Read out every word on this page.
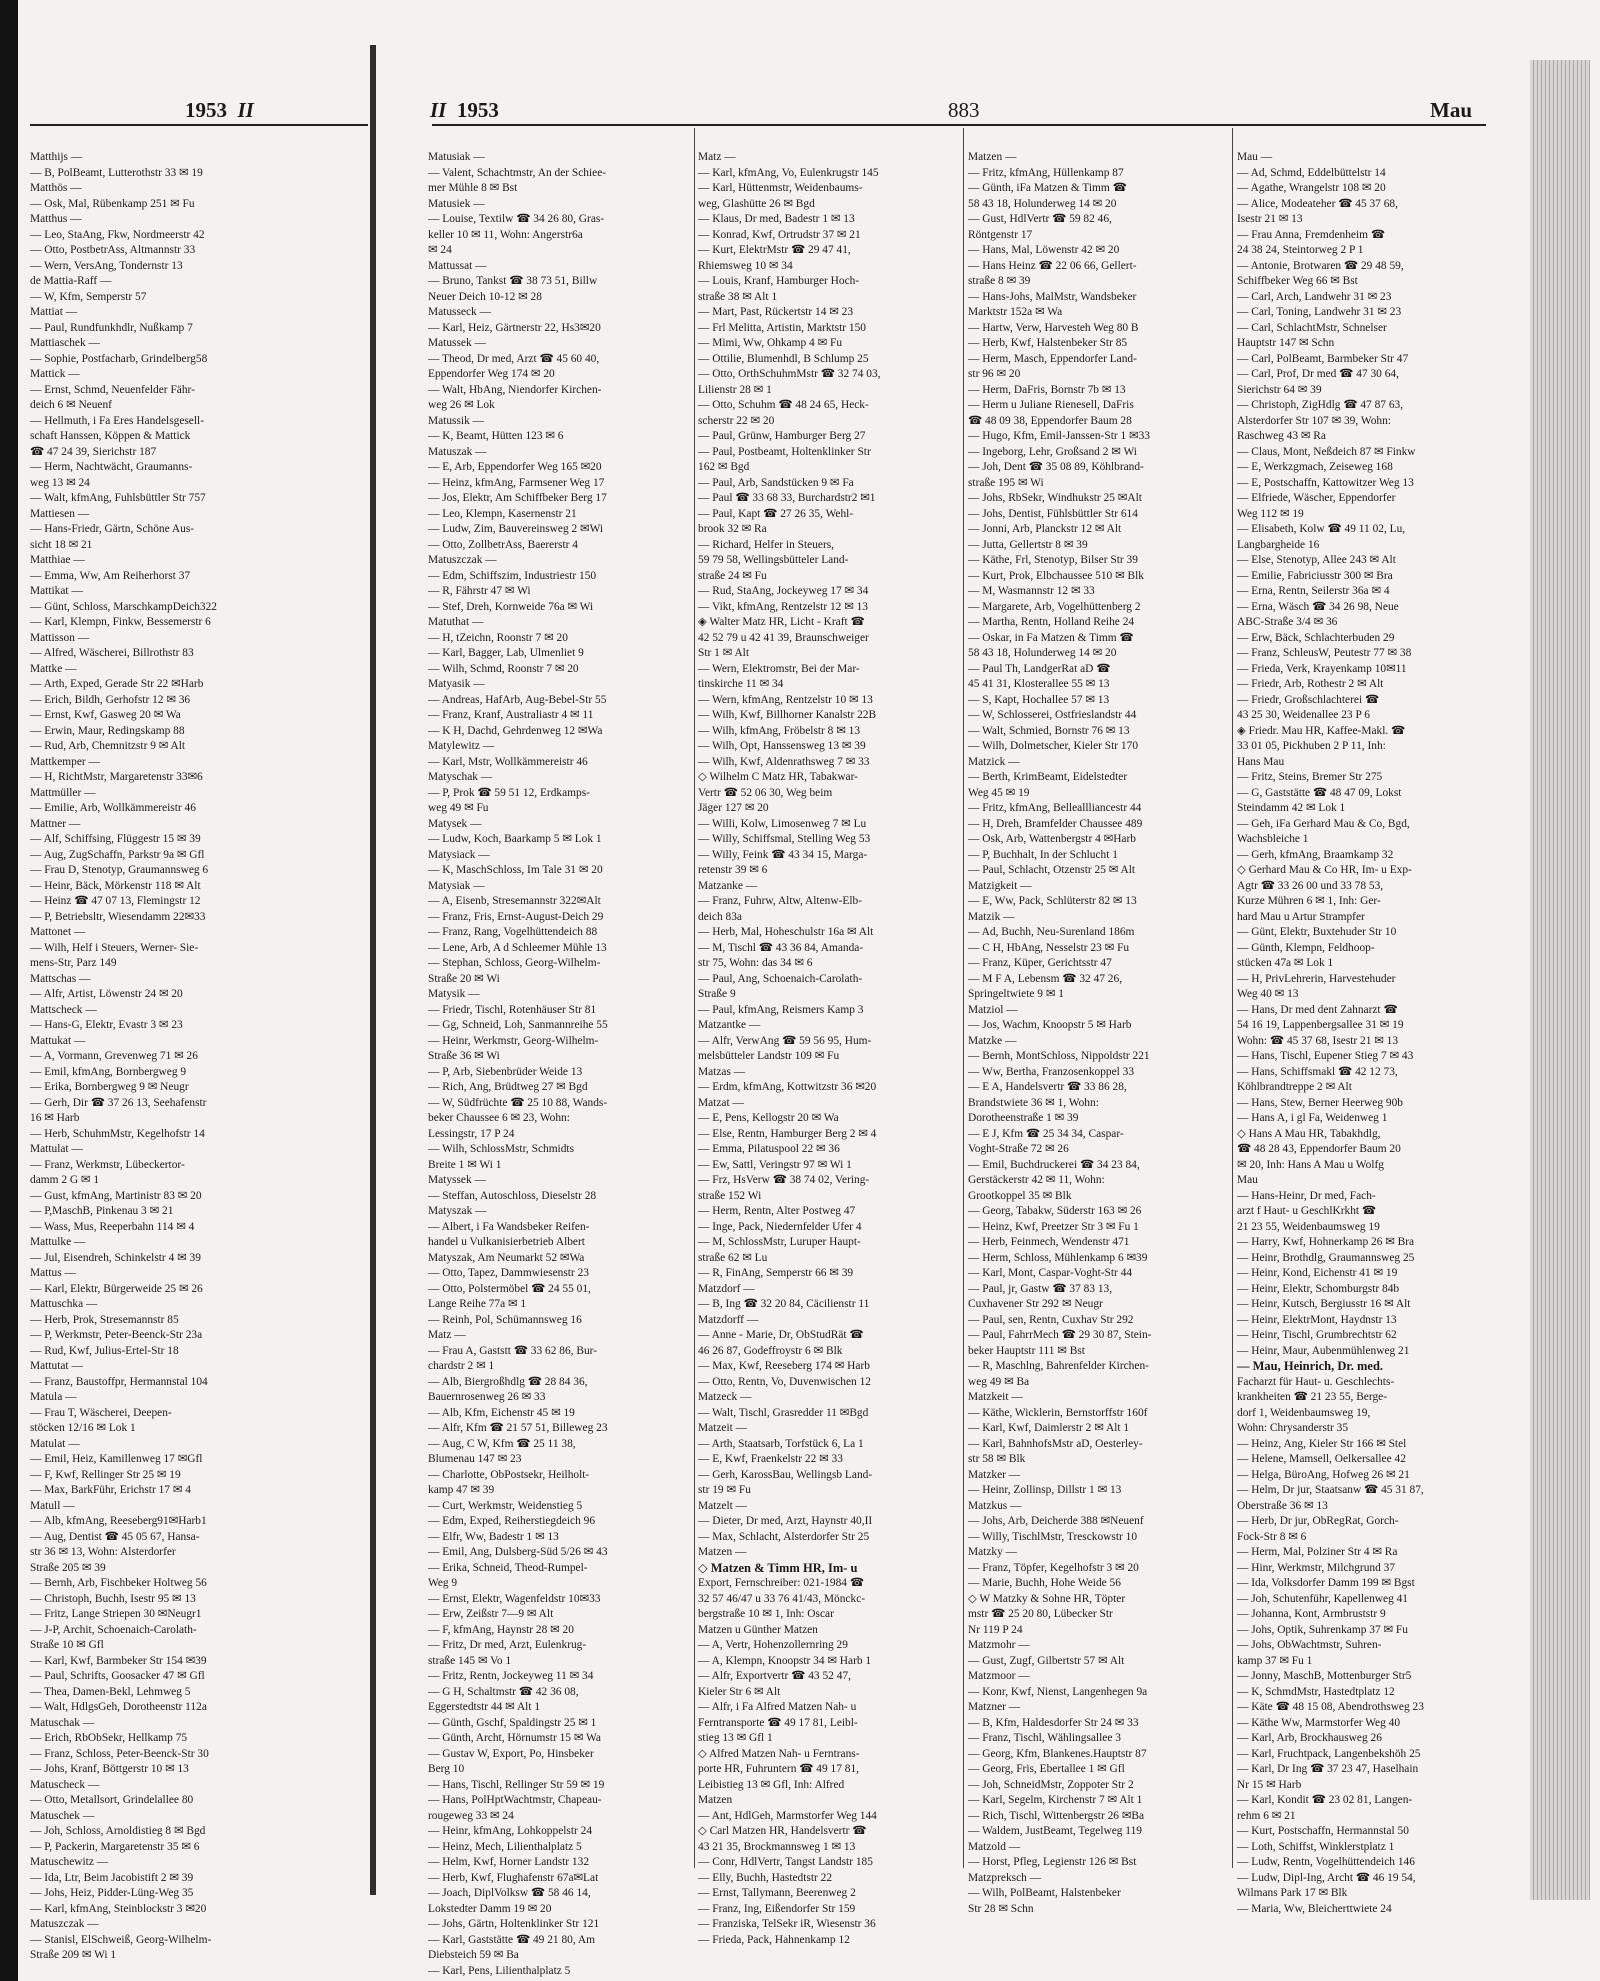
1953 II	II 1953	883	Mau
Matthijs —
— B, PolBeamt, Lutterothstr 33 ✉ 19
Matthös —
— Osk, Mal, Rübenkamp 251 ✉ Fu
Matthus —
— Leo, StaAng, Fkw, Nordmeerstr 42
— Otto, PostbetrAss, Altmannstr 33
— Wern, VersAng, Tondernstr 13
de Mattia-Raff —
— W, Kfm, Semperstr 57
Mattiat —
— Paul, Rundfunkhdlr, Nußkamp 7
Mattiaschek —
— Sophie, Postfacharb, Grindelberg58
Mattick —
— Ernst, Schmd, Neuenfelder Fähr-
deich 6 ✉ Neuenf
— Hellmuth, i Fa Eres Handelsgesell-
schaft Hanssen, Köppen & Mattick
☎ 47 24 39, Sierichstr 187
— Herm, Nachtwächt, Graumanns-
weg 13 ✉ 24
— Walt, kfmAng, Fuhlsbüttler Str 757
Mattiesen —
— Hans-Friedr, Gärtn, Schöne Aus-
sicht 18 ✉ 21
Matthiae —
— Emma, Ww, Am Reiherhorst 37
Mattikat —
— Günt, Schloss, MarschkampDeich322
— Karl, Klempn, Finkw, Bessemerstr 6
Mattisson —
— Alfred, Wäscherei, Billrothstr 83
Mattke —
— Arth, Exped, Gerade Str 22 ✉Harb
— Erich, Bildh, Gerhofstr 12 ✉ 36
— Ernst, Kwf, Gasweg 20 ✉ Wa
— Erwin, Maur, Redingskamp 88
— Rud, Arb, Chemnitzstr 9 ✉ Alt
Mattkemper —
— H, RichtMstr, Margaretenstr 33✉6
Mattmüller —
— Emilie, Arb, Wollkämmereistr 46
Mattner —
— Alf, Schiffsing, Flüggestr 15 ✉ 39
— Aug, ZugSchaffn, Parkstr 9a ✉ Gfl
— Frau D, Stenotyp, Graumannsweg 6
— Heinr, Bäck, Mörkenstr 118 ✉ Alt
— Heinz ☎ 47 07 13, Flemingstr 12
— P, Betriebsltr, Wiesendamm 22✉33
Mattonet —
— Wilh, Helf i Steuers, Werner- Sie-
mens-Str, Parz 149
Mattschas —
— Alfr, Artist, Löwenstr 24 ✉ 20
Mattscheck —
— Hans-G, Elektr, Evastr 3 ✉ 23
Mattukat —
— A, Vormann, Grevenweg 71 ✉ 26
— Emil, kfmAng, Bornbergweg 9
— Erika, Bornbergweg 9 ✉ Neugr
— Gerh, Dir ☎ 37 26 13, Seehafenstr
16 ✉ Harb
— Herb, SchuhmMstr, Kegelhofstr 14
Mattulat —
— Franz, Werkmstr, Lübeckertor-
damm 2 G ✉ 1
— Gust, kfmAng, Martinistr 83 ✉ 20
— P,MaschB, Pinkenau 3 ✉ 21
— Wass, Mus, Reeperbahn 114 ✉ 4
Mattulke —
— Jul, Eisendreh, Schinkelstr 4 ✉ 39
Mattus —
— Karl, Elektr, Bürgerweide 25 ✉ 26
Mattuschka —
— Herb, Prok, Stresemannstr 85
— P, Werkmstr, Peter-Beenck-Str 23a
— Rud, Kwf, Julius-Ertel-Str 18
Mattutat —
— Franz, Baustoffpr, Hermannstal 104
Matula —
— Frau T, Wäscherei, Deepen-
stöcken 12/16 ✉ Lok 1
Matulat —
— Emil, Heiz, Kamillenweg 17 ✉Gfl
— F, Kwf, Rellinger Str 25 ✉ 19
— Max, BarkFühr, Erichstr 17 ✉ 4
Matull —
— Alb, kfmAng, Reeseberg91✉Harb1
— Aug, Dentist ☎ 45 05 67, Hansa-
str 36 ✉ 13, Wohn: Alsterdorfer
Straße 205 ✉ 39
— Bernh, Arb, Fischbeker Holtweg 56
— Christoph, Buchh, Isestr 95 ✉ 13
— Fritz, Lange Striepen 30 ✉Neugr1
— J-P, Archit, Schoenaich-Carolath-
Straße 10 ✉ Gfl
— Karl, Kwf, Barmbeker Str 154 ✉39
— Paul, Schrifts, Goosacker 47 ✉ Gfl
— Thea, Damen-Bekl, Lehmweg 5
— Walt, HdlgsGeh, Dorotheenstr 112a
Matuschak —
— Erich, RbObSekr, Hellkamp 75
— Franz, Schloss, Peter-Beenck-Str 30
— Johs, Kranf, Böttgerstr 10 ✉ 13
Matuscheck —
— Otto, Metallsort, Grindelallee 80
Matuschek —
— Joh, Schloss, Arnoldistieg 8 ✉ Bgd
— P, Packerin, Margaretenstr 35 ✉ 6
Matuschewitz —
— Ida, Ltr, Beim Jacobistift 2 ✉ 39
— Johs, Heiz, Pidder-Lüng-Weg 35
— Karl, kfmAng, Steinblockstr 3 ✉20
Matuszczak —
— Stanisl, ElSchweiß, Georg-Wilhelm-
Straße 209 ✉ Wi 1
Matusiak —
— Valent, Schachtmstr, An der Schiee-
mer Mühle 8 ✉ Bst
Matusiek —
— Louise, Textilw ☎ 34 26 80, Gras-
keller 10 ✉ 11, Wohn: Angerstr6a
✉ 24
Mattussat —
— Bruno, Tankst ☎ 38 73 51, Billw
Neuer Deich 10-12 ✉ 28
Matusseck —
— Karl, Heiz, Gärtnerstr 22, Hs3✉20
Matussek —
— Theod, Dr med, Arzt ☎ 45 60 40,
Eppendorfer Weg 174 ✉ 20
— Walt, HbAng, Niendorfer Kirchen-
weg 26 ✉ Lok
Matussik —
— K, Beamt, Hütten 123 ✉ 6
Matuszak —
— E, Arb, Eppendorfer Weg 165 ✉20
— Heinz, kfmAng, Farmsener Weg 17
— Jos, Elektr, Am Schiffbeker Berg 17
— Leo, Klempn, Kasernenstr 21
— Ludw, Zim, Bauvereinsweg 2 ✉Wi
— Otto, ZollbetrAss, Baererstr 4
Matuszczak —
— Edm, Schiffszim, Industriestr 150
— R, Fährstr 47 ✉ Wi
— Stef, Dreh, Kornweide 76a ✉ Wi
Matuthat —
— H, tZeichn, Roonstr 7 ✉ 20
— Karl, Bagger, Lab, Ulmenliet 9
— Wilh, Schmd, Roonstr 7 ✉ 20
Matyasik —
— Andreas, HafArb, Aug-Bebel-Str 55
— Franz, Kranf, Australiastr 4 ✉ 11
— K H, Dachd, Gehrdenweg 12 ✉Wa
Matylewitz —
— Karl, Mstr, Wollkämmereistr 46
Matyschak —
— P, Prok ☎ 59 51 12, Erdkamps-
weg 49 ✉ Fu
Matysek —
— Ludw, Koch, Baarkamp 5 ✉ Lok 1
Matysiack —
— K, MaschSchloss, Im Tale 31 ✉ 20
Matysiak —
— A, Eisenb, Stresemannstr 322✉Alt
— Franz, Fris, Ernst-August-Deich 29
— Franz, Rang, Vogelhüttendeich 88
— Lene, Arb, A d Schleemer Mühle 13
— Stephan, Schloss, Georg-Wilhelm-
Straße 20 ✉ Wi
Matysik —
— Friedr, Tischl, Rotenhäuser Str 81
— Gg, Schneid, Loh, Sanmannreihe 55
— Heinr, Werkmstr, Georg-Wilhelm-
Straße 36 ✉ Wi
— P, Arb, Siebenbrüder Weide 13
— Rich, Ang, Brüdtweg 27 ✉ Bgd
— W, Südfrüchte ☎ 25 10 88, Wands-
beker Chaussee 6 ✉ 23, Wohn:
Lessingstr, 17 P 24
— Wilh, SchlossMstr, Schmidts
Breite 1 ✉ Wi 1
Matyssek —
— Steffan, Autoschloss, Dieselstr 28
Matyszak —
— Albert, i Fa Wandsbeker Reifen-
handel u Vulkanisierbetrieb Albert
Matyszak, Am Neumarkt 52 ✉Wa
— Otto, Tapez, Dammwiesenstr 23
— Otto, Polstermöbel ☎ 24 55 01,
Lange Reihe 77a ✉ 1
— Reinh, Pol, Schümannsweg 16
Matz —
— Frau A, Gaststt ☎ 33 62 86, Bur-
chardstr 2 ✉ 1
— Alb, Biergroßhdlg ☎ 28 84 36,
Bauernrosenweg 26 ✉ 33
— Alb, Kfm, Eichenstr 45 ✉ 19
— Alfr, Kfm ☎ 21 57 51, Billeweg 23
— Aug, C W, Kfm ☎ 25 11 38,
Blumenau 147 ✉ 23
— Charlotte, ObPostsekr, Heilholt-
kamp 47 ✉ 39
— Curt, Werkmstr, Weidenstieg 5
— Edm, Exped, Reiherstiegdeich 96
— Elfr, Ww, Badestr 1 ✉ 13
— Emil, Ang, Dulsberg-Süd 5/26 ✉ 43
— Erika, Schneid, Theod-Rumpel-
Weg 9
— Ernst, Elektr, Wagenfeldstr 10✉33
— Erw, Zeißstr 7—9 ✉ Alt
— F, kfmAng, Haynstr 28 ✉ 20
— Fritz, Dr med, Arzt, Eulenkrug-
straße 145 ✉ Vo 1
— Fritz, Rentn, Jockeyweg 11 ✉ 34
— G H, Schaltmstr ☎ 42 36 08,
Eggerstedtstr 44 ✉ Alt 1
— Günth, Gschf, Spaldingstr 25 ✉ 1
— Günth, Archt, Hörnumstr 15 ✉ Wa
— Gustav W, Export, Po, Hinsbeker
Berg 10
— Hans, Tischl, Rellinger Str 59 ✉ 19
— Hans, PolHptWachtmstr, Chapeau-
rougeweg 33 ✉ 24
— Heinr, kfmAng, Lohkoppelstr 24
— Heinz, Mech, Lilienthalplatz 5
— Helm, Kwf, Horner Landstr 132
— Herb, Kwf, Flughafenstr 67a✉Lat
— Joach, DiplVolksw ☎ 58 46 14,
Lokstedter Damm 19 ✉ 20
— Johs, Gärtn, Holtenklinker Str 121
— Karl, Gaststätte ☎ 49 21 80, Am
Diebsteich 59 ✉ Ba
— Karl, Pens, Lilienthalplatz 5
Matz —
— Karl, kfmAng, Vo, Eulenkrugstr 145
— Karl, Hüttenmstr, Weidenbaums-
weg, Glashütte 26 ✉ Bgd
— Klaus, Dr med, Badestr 1 ✉ 13
— Konrad, Kwf, Ortrudstr 37 ✉ 21
— Kurt, ElektrMstr ☎ 29 47 41,
Rhiemsweg 10 ✉ 34
— Louis, Kranf, Hamburger Hoch-
straße 38 ✉ Alt 1
— Mart, Past, Rückertstr 14 ✉ 23
— Frl Melitta, Artistin, Marktstr 150
— Mimi, Ww, Ohkamp 4 ✉ Fu
— Ottilie, Blumenhdl, B Schlump 25
— Otto, OrthSchuhmMstr ☎ 32 74 03,
Lilienstr 28 ✉ 1
— Otto, Schuhm ☎ 48 24 65, Heck-
scherstr 22 ✉ 20
— Paul, Grünw, Hamburger Berg 27
— Paul, Postbeamt, Holtenklinker Str
162 ✉ Bgd
— Paul, Arb, Sandstücken 9 ✉ Fa
— Paul ☎ 33 68 33, Burchardstr2 ✉1
— Paul, Kapt ☎ 27 26 35, Wehl-
brook 32 ✉ Ra
— Richard, Helfer in Steuers,
59 79 58, Wellingsbütteler Land-
straße 24 ✉ Fu
— Rud, StaAng, Jockeyweg 17 ✉ 34
— Vikt, kfmAng, Rentzelstr 12 ✉ 13
◈ Walter Matz HR, Licht - Kraft ☎
42 52 79 u 42 41 39, Braunschweiger
Str 1 ✉ Alt
— Wern, Elektromstr, Bei der Mar-
tinskirche 11 ✉ 34
— Wern, kfmAng, Rentzelstr 10 ✉ 13
— Wilh, Kwf, Billhorner Kanalstr 22B
— Wilh, kfmAng, Fröbelstr 8 ✉ 13
— Wilh, Opt, Hanssensweg 13 ✉ 39
— Wilh, Kwf, Aldenrathsweg 7 ✉ 33
◇ Wilhelm C Matz HR, Tabakwar-
Vertr ☎ 52 06 30, Weg beim
Jäger 127 ✉ 20
— Willi, Kolw, Limosenweg 7 ✉ Lu
— Willy, Schiffsmal, Stelling Weg 53
— Willy, Feink ☎ 43 34 15, Marga-
retenstr 39 ✉ 6
Matzanke —
— Franz, Fuhrw, Altw, Altenw-Elb-
deich 83a
— Herb, Mal, Hoheschulstr 16a ✉ Alt
— M, Tischl ☎ 43 36 84, Amanda-
str 75, Wohn: das 34 ✉ 6
— Paul, Ang, Schoenaich-Carolath-
Straße 9
— Paul, kfmAng, Reismers Kamp 3
Matzantke —
— Alfr, VerwAng ☎ 59 56 95, Hum-
melsbütteler Landstr 109 ✉ Fu
Matzas —
— Erdm, kfmAng, Kottwitzstr 36 ✉20
Matzat —
— E, Pens, Kellogstr 20 ✉ Wa
— Else, Rentn, Hamburger Berg 2 ✉ 4
— Emma, Pilatuspool 22 ✉ 36
— Ew, Sattl, Veringstr 97 ✉ Wi 1
— Frz, HsVerw ☎ 38 74 02, Vering-
straße 152 Wi
— Herm, Rentn, Alter Postweg 47
— Inge, Pack, Niedernfelder Ufer 4
— M, SchlossMstr, Luruper Haupt-
straße 62 ✉ Lu
— R, FinAng, Semperstr 66 ✉ 39
Matzdorf —
— B, Ing ☎ 32 20 84, Cäcilienstr 11
Matzdorff —
— Anne - Marie, Dr, ObStudRät ☎
46 26 87, Godeffroystr 6 ✉ Blk
— Max, Kwf, Reeseberg 174 ✉ Harb
— Otto, Rentn, Vo, Duvenwischen 12
Matzeck —
— Walt, Tischl, Grasredder 11 ✉Bgd
Matzeit —
— Arth, Staatsarb, Torfstück 6, La 1
— E, Kwf, Fraenkelstr 22 ✉ 33
— Gerh, KarossBau, Wellingsb Land-
str 19 ✉ Fu
Matzelt —
— Dieter, Dr med, Arzt, Haynstr 40,II
— Max, Schlacht, Alsterdorfer Str 25
Matzen —
◇ Matzen & Timm HR, Im- u
Export, Fernschreiber: 021-1984 ☎
32 57 46/47 u 33 76 41/43, Mönckc-
bergstraße 10 ✉ 1, Inh: Oscar
Matzen u Günther Matzen
— A, Vertr, Hohenzollernring 29
— A, Klempn, Knoopstr 34 ✉ Harb 1
— Alfr, Exportvertr ☎ 43 52 47,
Kieler Str 6 ✉ Alt
— Alfr, i Fa Alfred Matzen Nah- u
Ferntransporte ☎ 49 17 81, Leibl-
stieg 13 ✉ Gfl 1
◇ Alfred Matzen Nah- u Ferntrans-
porte HR, Fuhruntern ☎ 49 17 81,
Leibistieg 13 ✉ Gfl, Inh: Alfred
Matzen
— Ant, HdlGeh, Marmstorfer Weg 144
◇ Carl Matzen HR, Handelsvertr ☎
43 21 35, Brockmannsweg 1 ✉ 13
— Conr, HdlVertr, Tangst Landstr 185
— Elly, Buchh, Hastedtstr 22
— Ernst, Tallymann, Beerenweg 2
— Franz, Ing, Eißendorfer Str 159
— Franziska, TelSekr iR, Wiesenstr 36
— Frieda, Pack, Hahnenkamp 12
Matzen —
— Fritz, kfmAng, Hüllenkamp 87
— Günth, iFa Matzen & Timm ☎
58 43 18, Holunderweg 14 ✉ 20
— Gust, HdlVertr ☎ 59 82 46,
Röntgenstr 17
— Hans, Mal, Löwenstr 42 ✉ 20
— Hans Heinz ☎ 22 06 66, Gellert-
straße 8 ✉ 39
— Hans-Johs, MalMstr, Wandsbeker
Marktstr 152a ✉ Wa
— Hartw, Verw, Harvesteh Weg 80 B
— Herb, Kwf, Halstenbeker Str 85
— Herm, Masch, Eppendorfer Land-
str 96 ✉ 20
— Herm, DaFris, Bornstr 7b ✉ 13
— Herm u Juliane Rienesell, DaFris
☎ 48 09 38, Eppendorfer Baum 28
— Hugo, Kfm, Emil-Janssen-Str 1 ✉33
— Ingeborg, Lehr, Großsand 2 ✉ Wi
— Joh, Dent ☎ 35 08 89, Köhlbrand-
straße 195 ✉ Wi
— Johs, RbSekr, Windhukstr 25 ✉Alt
— Johs, Dentist, Fühlsbüttler Str 614
— Jonni, Arb, Planckstr 12 ✉ Alt
— Jutta, Gellertstr 8 ✉ 39
— Käthe, Frl, Stenotyp, Bilser Str 39
— Kurt, Prok, Elbchaussee 510 ✉ Blk
— M, Wasmannstr 12 ✉ 33
— Margarete, Arb, Vogelhüttenberg 2
— Martha, Rentn, Holland Reihe 24
— Oskar, in Fa Matzen & Timm ☎
58 43 18, Holunderweg 14 ✉ 20
— Paul Th, LandgerRat aD ☎
45 41 31, Klosterallee 55 ✉ 13
— S, Kapt, Hochallee 57 ✉ 13
— W, Schlosserei, Ostfrieslandstr 44
— Walt, Schmied, Bornstr 76 ✉ 13
— Wilh, Dolmetscher, Kieler Str 170
Matzick —
— Berth, KrimBeamt, Eidelstedter
Weg 45 ✉ 19
— Fritz, kfmAng, Belleallliancestr 44
— H, Dreh, Bramfelder Chaussee 489
— Osk, Arb, Wattenbergstr 4 ✉Harb
— P, Buchhalt, In der Schlucht 1
— Paul, Schlacht, Otzenstr 25 ✉ Alt
Matzigkeit —
— E, Ww, Pack, Schlüterstr 82 ✉ 13
Matzik —
— Ad, Buchh, Neu-Surenland 186m
— C H, HbAng, Nesselstr 23 ✉ Fu
— Franz, Küper, Gerichtsstr 47
— M F A, Lebensm ☎ 32 47 26,
Springeltwiete 9 ✉ 1
Matziol —
— Jos, Wachm, Knoopstr 5 ✉ Harb
Matzke —
— Bernh, MontSchloss, Nippoldstr 221
— Ww, Bertha, Franzosenkoppel 33
— E A, Handelsvertr ☎ 33 86 28,
Brandstwiete 36 ✉ 1, Wohn:
Dorotheenstraße 1 ✉ 39
— E J, Kfm ☎ 25 34 34, Caspar-
Voght-Straße 72 ✉ 26
— Emil, Buchdruckerei ☎ 34 23 84,
Gerstäckerstr 42 ✉ 11, Wohn:
Grootkoppel 35 ✉ Blk
— Georg, Tabakw, Süderstr 163 ✉ 26
— Heinz, Kwf, Preetzer Str 3 ✉ Fu 1
— Herb, Feinmech, Wendenstr 471
— Herm, Schloss, Mühlenkamp 6 ✉39
— Karl, Mont, Caspar-Voght-Str 44
— Paul, jr, Gastw ☎ 37 83 13,
Cuxhavener Str 292 ✉ Neugr
— Paul, sen, Rentn, Cuxhav Str 292
— Paul, FahrrMech ☎ 29 30 87, Stein-
beker Hauptstr 111 ✉ Bst
— R, Maschlng, Bahrenfelder Kirchen-
weg 49 ✉ Ba
Matzkeit —
— Käthe, Wicklerin, Bernstorffstr 160f
— Karl, Kwf, Daimlerstr 2 ✉ Alt 1
— Karl, BahnhofsMstr aD, Oesterley-
str 58 ✉ Blk
Matzker —
— Heinr, Zollinsp, Dillstr 1 ✉ 13
Matzkus —
— Johs, Arb, Deicherde 388 ✉Neuenf
— Willy, TischlMstr, Tresckowstr 10
Matzky —
— Franz, Töpfer, Kegelhofstr 3 ✉ 20
— Marie, Buchh, Hohe Weide 56
◇ W Matzky & Sohne HR, Töpter
mstr ☎ 25 20 80, Lübecker Str
Nr 119 P 24
Matzmohr —
— Gust, Zugf, Gilbertstr 57 ✉ Alt
Matzmoor —
— Konr, Kwf, Nienst, Langenhegen 9a
Matzner —
— B, Kfm, Haldesdorfer Str 24 ✉ 33
— Franz, Tischl, Wählingsallee 3
— Georg, Kfm, Blankenes.Hauptstr 87
— Georg, Fris, Ebertallee 1 ✉ Gfl
— Joh, SchneidMstr, Zoppoter Str 2
— Karl, Segelm, Kirchenstr 7 ✉ Alt 1
— Rich, Tischl, Wittenbergstr 26 ✉Ba
— Waldem, JustBeamt, Tegelweg 119
Matzold —
— Horst, Pfleg, Legienstr 126 ✉ Bst
Matzpreksch —
— Wilh, PolBeamt, Halstenbeker
Str 28 ✉ Schn
Mau —
— Ad, Schmd, Eddelbüttelstr 14
— Agathe, Wrangelstr 108 ✉ 20
— Alice, Modeateher ☎ 45 37 68,
Isestr 21 ✉ 13
— Frau Anna, Fremdenheim ☎
24 38 24, Steintorweg 2 P 1
— Antonie, Brotwaren ☎ 29 48 59,
Schiffbeker Weg 66 ✉ Bst
— Carl, Arch, Landwehr 31 ✉ 23
— Carl, Toning, Landwehr 31 ✉ 23
— Carl, SchlachtMstr, Schnelser
Hauptstr 147 ✉ Schn
— Carl, PolBeamt, Barmbeker Str 47
— Carl, Prof, Dr med ☎ 47 30 64,
Sierichstr 64 ✉ 39
— Christoph, ZigHdlg ☎ 47 87 63,
Alsterdorfer Str 107 ✉ 39, Wohn:
Raschweg 43 ✉ Ra
— Claus, Mont, Neßdeich 87 ✉ Finkw
— E, Werkzgmach, Zeiseweg 168
— E, Postschaffn, Kattowitzer Weg 13
— Elfriede, Wäscher, Eppendorfer
Weg 112 ✉ 19
— Elisabeth, Kolw ☎ 49 11 02, Lu,
Langbargheide 16
— Else, Stenotyp, Allee 243 ✉ Alt
— Emilie, Fabriciusstr 300 ✉ Bra
— Erna, Rentn, Seilerstr 36a ✉ 4
— Erna, Wäsch ☎ 34 26 98, Neue
ABC-Straße 3/4 ✉ 36
— Erw, Bäck, Schlachterbuden 29
— Franz, SchleusW, Peutestr 77 ✉ 38
— Frieda, Verk, Krayenkamp 10✉11
— Friedr, Arb, Rothestr 2 ✉ Alt
— Friedr, Großschlachterei ☎
43 25 30, Weidenallee 23 P 6
◈ Friedr. Mau HR, Kaffee-Makl. ☎
33 01 05, Pickhuben 2 P 11, Inh:
Hans Mau
— Fritz, Steins, Bremer Str 275
— G, Gaststätte ☎ 48 47 09, Lokst
Steindamm 42 ✉ Lok 1
— Geh, iFa Gerhard Mau & Co, Bgd,
Wachsbleiche 1
— Gerh, kfmAng, Braamkamp 32
◇ Gerhard Mau & Co HR, Im- u Exp-
Agtr ☎ 33 26 00 und 33 78 53,
Kurze Mühren 6 ✉ 1, Inh: Ger-
hard Mau u Artur Strampfer
— Günt, Elektr, Buxtehuder Str 10
— Günth, Klempn, Feldhoop-
stücken 47a ✉ Lok 1
— H, PrivLehrerin, Harvestehuder
Weg 40 ✉ 13
— Hans, Dr med dent Zahnarzt ☎
54 16 19, Lappenbergsallee 31 ✉ 19
Wohn: ☎ 45 37 68, Isestr 21 ✉ 13
— Hans, Tischl, Eupener Stieg 7 ✉ 43
— Hans, Schiffsmakl ☎ 42 12 73,
Köhlbrandtreppe 2 ✉ Alt
— Hans, Stew, Berner Heerweg 90b
— Hans A, i gl Fa, Weidenweg 1
◇ Hans A Mau HR, Tabakhdlg,
☎ 48 28 43, Eppendorfer Baum 20
✉ 20, Inh: Hans A Mau u Wolfg
Mau
— Hans-Heinr, Dr med, Fach-
arzt f Haut- u GeschlKrkht ☎
21 23 55, Weidenbaumsweg 19
— Harry, Kwf, Hohnerkamp 26 ✉ Bra
— Heinr, Brothdlg, Graumannsweg 25
— Heinr, Kond, Eichenstr 41 ✉ 19
— Heinr, Elektr, Schomburgstr 84b
— Heinr, Kutsch, Bergiusstr 16 ✉ Alt
— Heinr, ElektrMont, Haydnstr 13
— Heinr, Tischl, Grumbrechtstr 62
— Heinr, Maur, Aubenmühlenweg 21
— Mau, Heinrich, Dr. med.
Facharzt für Haut- u. Geschlechts-
krankheiten ☎ 21 23 55, Berge-
dorf 1, Weidenbaumsweg 19,
Wohn: Chrysanderstr 35
— Heinz, Ang, Kieler Str 166 ✉ Stel
— Helene, Mamsell, Oelkersallee 42
— Helga, BüroAng, Hofweg 26 ✉ 21
— Helm, Dr jur, Staatsanw ☎ 45 31 87,
Oberstraße 36 ✉ 13
— Herb, Dr jur, ObRegRat, Gorch-
Fock-Str 8 ✉ 6
— Herm, Mal, Polziner Str 4 ✉ Ra
— Hinr, Werkmstr, Milchgrund 37
— Ida, Volksdorfer Damm 199 ✉ Bgst
— Joh, Schutenführ, Kapellenweg 41
— Johanna, Kont, Armbruststr 9
— Johs, Optik, Suhrenkamp 37 ✉ Fu
— Johs, ObWachtmstr, Suhren-
kamp 37 ✉ Fu 1
— Jonny, MaschB, Mottenburger Str5
— K, SchmdMstr, Hastedtplatz 12
— Käte ☎ 48 15 08, Abendrothsweg 23
— Käthe Ww, Marmstorfer Weg 40
— Karl, Arb, Brockhausweg 26
— Karl, Fruchtpack, Langenbekshöh 25
— Karl, Dr Ing ☎ 37 23 47, Haselhain
Nr 15 ✉ Harb
— Karl, Kondit ☎ 23 02 81, Langen-
rehm 6 ✉ 21
— Kurt, Postschaffn, Hermannstal 50
— Loth, Schiffst, Winklerstplatz 1
— Ludw, Rentn, Vogelhüttendeich 146
— Ludw, Dipl-Ing, Archt ☎ 46 19 54,
Wilmans Park 17 ✉ Blk
— Maria, Ww, Bleicherttwiete 24
